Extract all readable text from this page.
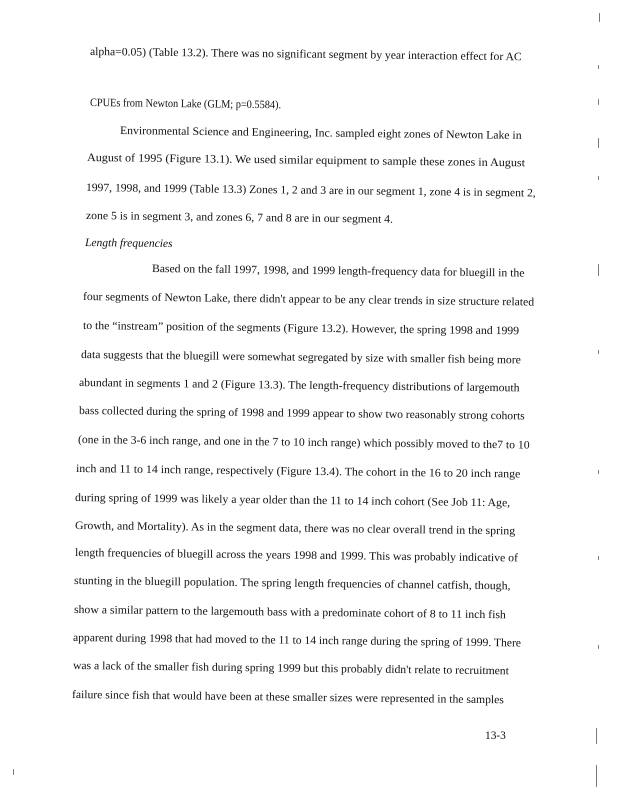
alpha=0.05) (Table 13.2). There was no significant segment by year interaction effect for AC
CPUEs from Newton Lake (GLM; p=0.5584).
Environmental Science and Engineering, Inc. sampled eight zones of Newton Lake in
August of 1995 (Figure 13.1). We used similar equipment to sample these zones in August
1997, 1998, and 1999 (Table 13.3) Zones 1, 2 and 3 are in our segment 1, zone 4 is in segment 2,
zone 5 is in segment 3, and zones 6, 7 and 8 are in our segment 4.
Length frequencies
Based on the fall 1997, 1998, and 1999 length-frequency data for bluegill in the
four segments of Newton Lake, there didn't appear to be any clear trends in size structure related
to the “instream” position of the segments (Figure 13.2). However, the spring 1998 and 1999
data suggests that the bluegill were somewhat segregated by size with smaller fish being more
abundant in segments 1 and 2 (Figure 13.3). The length-frequency distributions of largemouth
bass collected during the spring of 1998 and 1999 appear to show two reasonably strong cohorts
(one in the 3-6 inch range, and one in the 7 to 10 inch range) which possibly moved to the7 to 10
inch and 11 to 14 inch range, respectively (Figure 13.4). The cohort in the 16 to 20 inch range
during spring of 1999 was likely a year older than the 11 to 14 inch cohort (See Job 11: Age,
Growth, and Mortality). As in the segment data, there was no clear overall trend in the spring
length frequencies of bluegill across the years 1998 and 1999. This was probably indicative of
stunting in the bluegill population. The spring length frequencies of channel catfish, though,
show a similar pattern to the largemouth bass with a predominate cohort of 8 to 11 inch fish
apparent during 1998 that had moved to the 11 to 14 inch range during the spring of 1999. There
was a lack of the smaller fish during spring 1999 but this probably didn't relate to recruitment
failure since fish that would have been at these smaller sizes were represented in the samples
13-3
